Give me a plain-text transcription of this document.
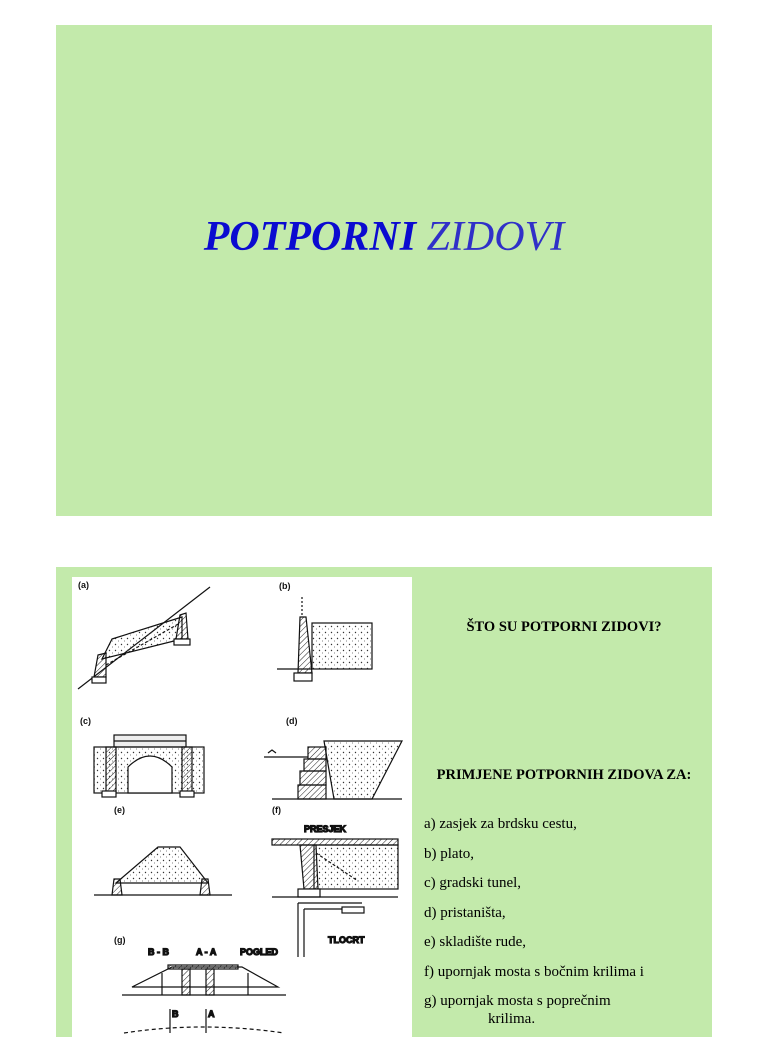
POTPORNI ZIDOVI
(a)	(b)
(c)	(d)
(e)	(f)
(g)
PRESJEK
TLOCRT
B - B	A - A	POGLED
B	A
ŠTO SU POTPORNI ZIDOVI?
PRIMJENE POTPORNIH ZIDOVA ZA:
a) zasjek za brdsku cestu,
b) plato,
c) gradski tunel,
d) pristaništa,
e) skladište rude,
f) upornjak mosta s bočnim krilima i
g) upornjak mosta s poprečnim
krilima.
